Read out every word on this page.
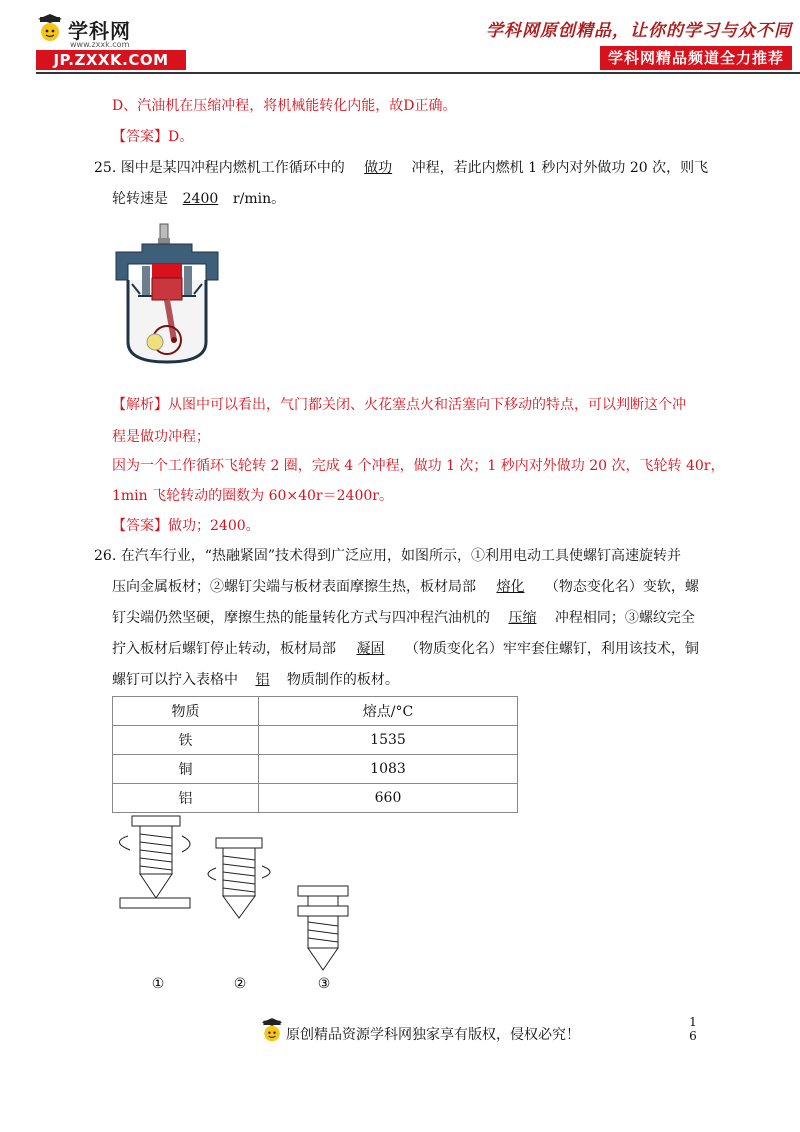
学科网
www.zxxk.com
JP.ZXXK.COM
学科网原创精品，让你的学习与众不同
学科网精品频道全力推荐
D、汽油机在压缩冲程，将机械能转化内能，故D正确。
【答案】D。
25. 图中是某四冲程内燃机工作循环中的 做功 冲程，若此内燃机 1 秒内对外做功 20 次，则飞
轮转速是 2400 r/min。
【解析】从图中可以看出，气门都关闭、火花塞点火和活塞向下移动的特点，可以判断这个冲
程是做功冲程；
因为一个工作循环飞轮转 2 圈，完成 4 个冲程，做功 1 次；1 秒内对外做功 20 次，飞轮转 40r，
1min 飞轮转动的圈数为 60×40r＝2400r。
【答案】做功；2400。
26. 在汽车行业，“热融紧固”技术得到广泛应用，如图所示，①利用电动工具使螺钉高速旋转并
压向金属板材；②螺钉尖端与板材表面摩擦生热，板材局部 熔化 （物态变化名）变软，螺
钉尖端仍然坚硬，摩擦生热的能量转化方式与四冲程汽油机的 压缩 冲程相同；③螺纹完全
拧入板材后螺钉停止转动，板材局部 凝固 （物质变化名）牢牢套住螺钉，利用该技术，铜
螺钉可以拧入表格中 铝 物质制作的板材。
物质	熔点/°C
铁	1535
铜	1083
铝	660
①	②	③
原创精品资源学科网独家享有版权，侵权必究！
1
6
